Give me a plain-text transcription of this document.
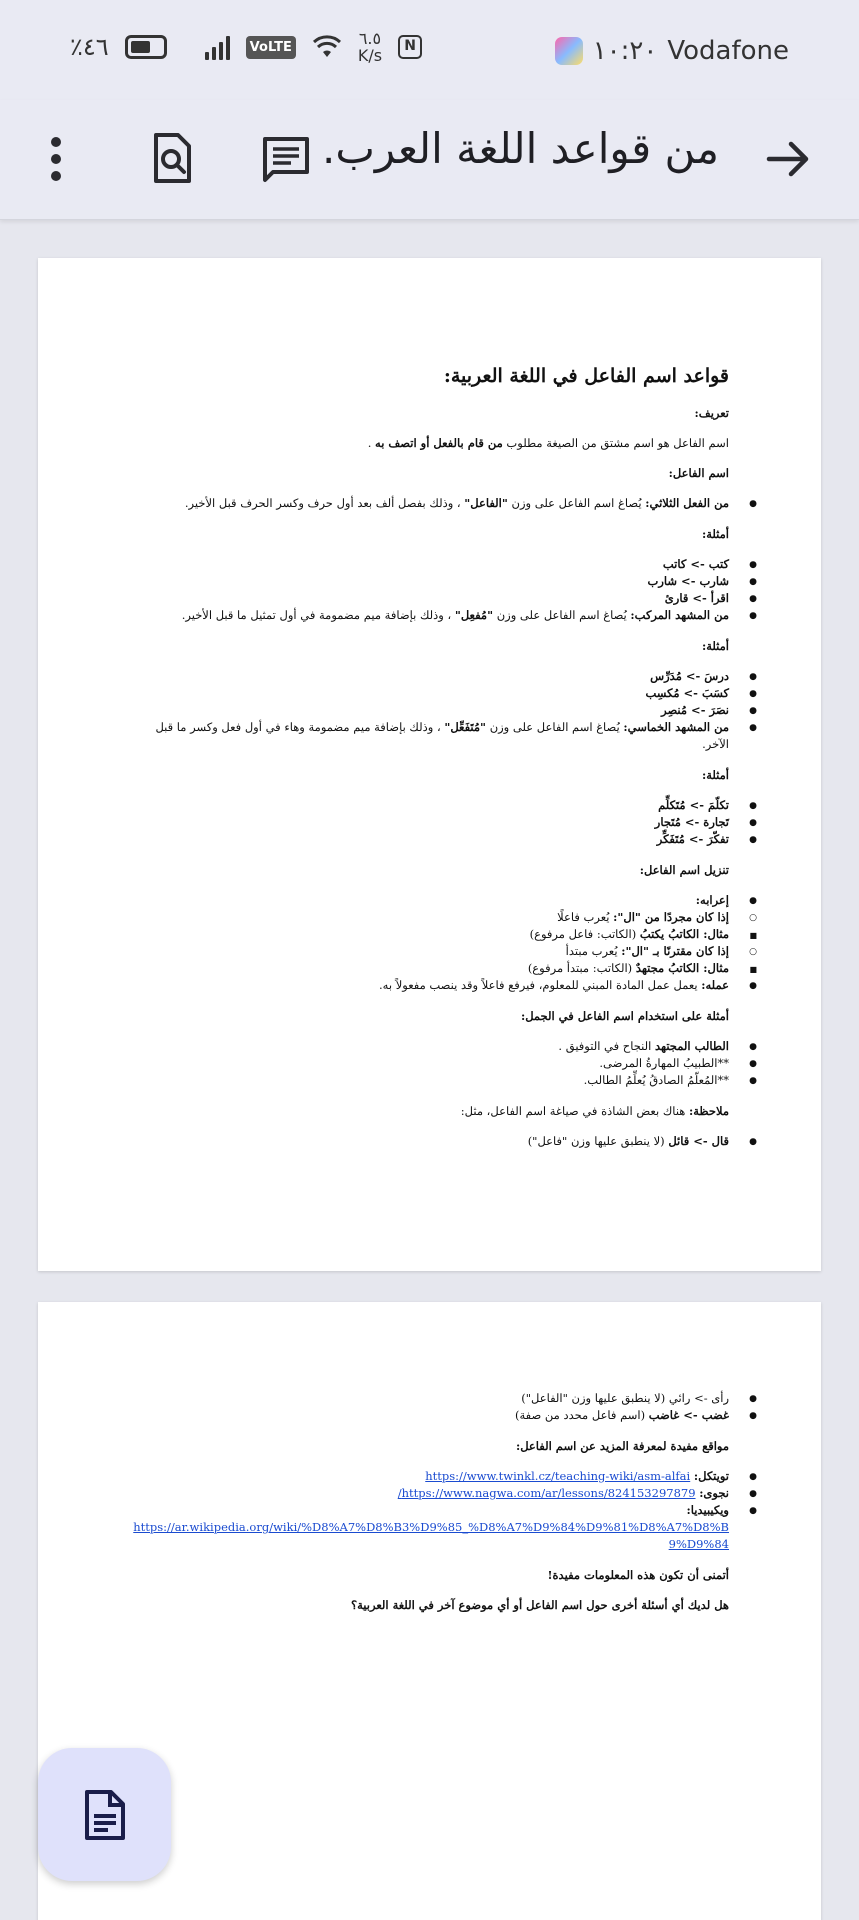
١٠:٢٠ Vodafone
٪٤٦	VoLTE	٦.٥
K/s	N
من قواعد اللغة العرب.

قواعد اسم الفاعل في اللغة العربية:

تعريف:

اسم الفاعل هو اسم مشتق من الصيغة مطلوب من قام بالفعل أو اتصف به .

اسم الفاعل:

● من الفعل الثلاثي: يُصاغ اسم الفاعل على وزن "الفاعل" ، وذلك بفصل ألف بعد أول حرف وكسر الحرف قبل الأخير.

أمثلة:

● كتب -> كاتب
● شارب -> شارب
● اقرأ -> قارئ
● من المشهد المركب: يُصاغ اسم الفاعل على وزن "مُفعِل" ، وذلك بإضافة ميم مضمومة في أول تمثيل ما قبل الأخير.

أمثلة:

● درسَ -> مُدَرِّس
● كسَبَ -> مُكسِب
● نصَرَ -> مُنصِر
● من المشهد الخماسي: يُصاغ اسم الفاعل على وزن "مُتَفَعِّل" ، وذلك بإضافة ميم مضمومة وهاء في أول فعل وكسر ما قبل الآخر.

أمثلة:

● تكلّمَ -> مُتَكلِّم
● تَجارة -> مُتَجار
● تفكّرَ -> مُتَفَكِّر

تنزيل اسم الفاعل:

● إعرابه:
○ إذا كان مجردًا من "ال": يُعرب فاعلًا
■ مثال: الكاتبُ يكتبُ (الكاتب: فاعل مرفوع)
○ إذا كان مقترنًا بـ "ال": يُعرب مبتدأ
■ مثال: الكاتبُ مجتهدٌ (الكاتب: مبتدأ مرفوع)
● عمله: يعمل عمل المادة المبني للمعلوم، فيرفع فاعلاً وقد ينصب مفعولاً به.

أمثلة على استخدام اسم الفاعل في الجمل:

● الطالب المجتهد النجاح في التوفيق .
● **الطبيبُ المهارةُ المرضى.
● **المُعلّمُ الصادقُ يُعلِّمُ الطالب.

ملاحظة: هناك بعض الشاذة في صياغة اسم الفاعل، مثل:

● قال -> قائل (لا ينطبق عليها وزن "فاعل")
● رأى -> رائي (لا ينطبق عليها وزن "الفاعل")
● غضب -> غاضب (اسم فاعل محدد من صفة)

مواقع مفيدة لمعرفة المزيد عن اسم الفاعل:

● تويتكل: https://www.twinkl.cz/teaching-wiki/asm-alfai
● نجوى: https://www.nagwa.com/ar/lessons/824153297879/
● ويكيبيديا:
https://ar.wikipedia.org/wiki/%D8%A7%D8%B3%D9%85_%D8%A7%D9%84%D9%81%D8%A7%D8%B9%D9%84

أتمنى أن تكون هذه المعلومات مفيدة!

هل لديك أي أسئلة أخرى حول اسم الفاعل أو أي موضوع آخر في اللغة العربية؟
